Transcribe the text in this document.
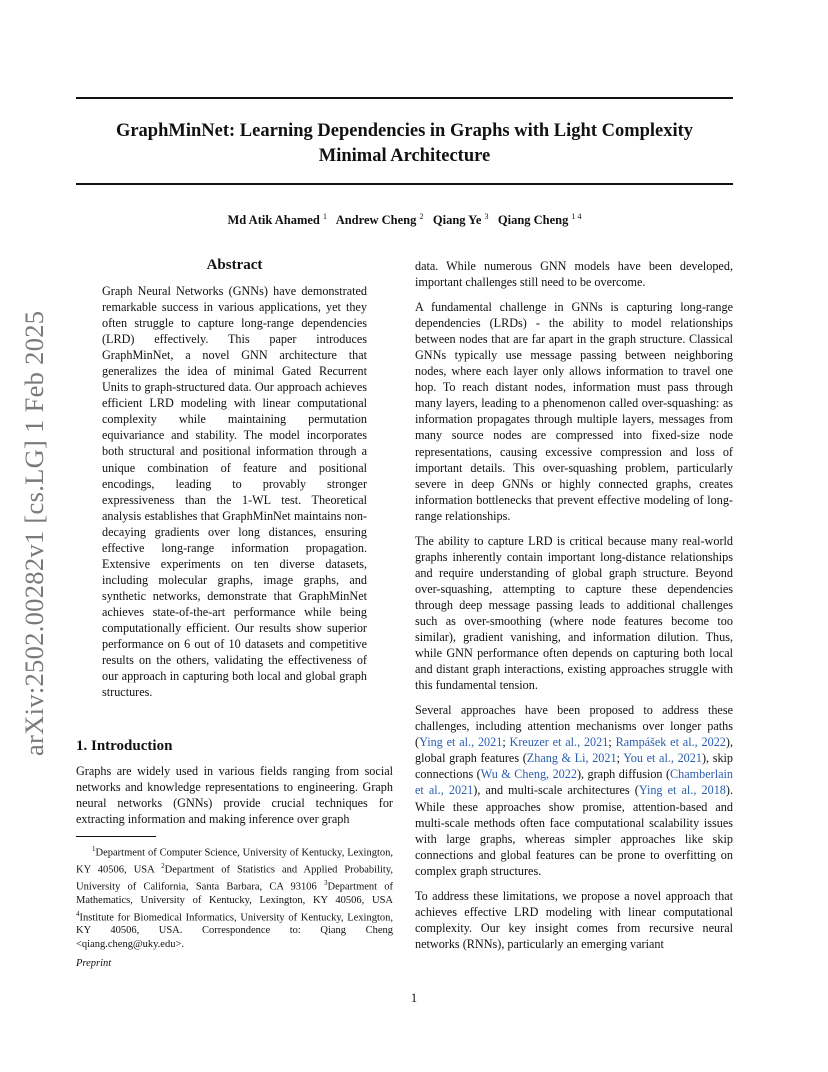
GraphMinNet: Learning Dependencies in Graphs with Light Complexity
Minimal Architecture
Md Atik Ahamed $^1$ Andrew Cheng $^2$ Qiang Ye $^3$ Qiang Cheng $^{1 4}$
arXiv:2502.00282v1 [cs.LG] 1 Feb 2025
Abstract

Graph Neural Networks (GNNs) have demonstrated remarkable success in various applications, yet they often struggle to capture long-range dependencies (LRD) effectively. This paper introduces GraphMinNet, a novel GNN architecture that generalizes the idea of minimal Gated Recurrent Units to graph-structured data. Our approach achieves efficient LRD modeling with linear computational complexity while maintaining permutation equivariance and stability. The model incorporates both structural and positional information through a unique combination of feature and positional encodings, leading to provably stronger expressiveness than the 1-WL test. Theoretical analysis establishes that GraphMinNet maintains non-decaying gradients over long distances, ensuring effective long-range information propagation. Extensive experiments on ten diverse datasets, including molecular graphs, image graphs, and synthetic networks, demonstrate that GraphMinNet achieves state-of-the-art performance while being computationally efficient. Our results show superior performance on 6 out of 10 datasets and competitive results on the others, validating the effectiveness of our approach in capturing both local and global graph structures.

1. Introduction

Graphs are widely used in various fields ranging from social networks and knowledge representations to engineering. Graph neural networks (GNNs) provide crucial techniques for extracting information and making inference over graph

$^1$Department of Computer Science, University of Kentucky, Lexington, KY 40506, USA $^2$Department of Statistics and Applied Probability, University of California, Santa Barbara, CA 93106 $^3$Department of Mathematics, University of Kentucky, Lexington, KY 40506, USA $^4$Institute for Biomedical Informatics, University of Kentucky, Lexington, KY 40506, USA. Correspondence to: Qiang Cheng <qiang.cheng@uky.edu>.

data. While numerous GNN models have been developed, important challenges still need to be overcome.

A fundamental challenge in GNNs is capturing long-range dependencies (LRDs) - the ability to model relationships between nodes that are far apart in the graph structure. Classical GNNs typically use message passing between neighboring nodes, where each layer only allows information to travel one hop. To reach distant nodes, information must pass through many layers, leading to a phenomenon called over-squashing: as information propagates through multiple layers, messages from many source nodes are compressed into fixed-size node representations, causing excessive compression and loss of important details. This over-squashing problem, particularly severe in deep GNNs or highly connected graphs, creates information bottlenecks that prevent effective modeling of long-range relationships.

The ability to capture LRD is critical because many real-world graphs inherently contain important long-distance relationships and require understanding of global graph structure. Beyond over-squashing, attempting to capture these dependencies through deep message passing leads to additional challenges such as over-smoothing (where node features become too similar), gradient vanishing, and information dilution. Thus, while GNN performance often depends on capturing both local and distant graph interactions, existing approaches struggle with this fundamental tension.

Several approaches have been proposed to address these challenges, including attention mechanisms over longer paths (Ying et al., 2021; Kreuzer et al., 2021; Rampášek et al., 2022), global graph features (Zhang & Li, 2021; You et al., 2021), skip connections (Wu & Cheng, 2022), graph diffusion (Chamberlain et al., 2021), and multi-scale architectures (Ying et al., 2018). While these approaches show promise, attention-based and multi-scale methods often face computational scalability issues with large graphs, whereas simpler approaches like skip connections and global features can be prone to overfitting on complex graph structures.

To address these limitations, we propose a novel approach that achieves effective LRD modeling with linear computational complexity. Our key insight comes from recursive neural networks (RNNs), particularly an emerging variant

Preprint
1
